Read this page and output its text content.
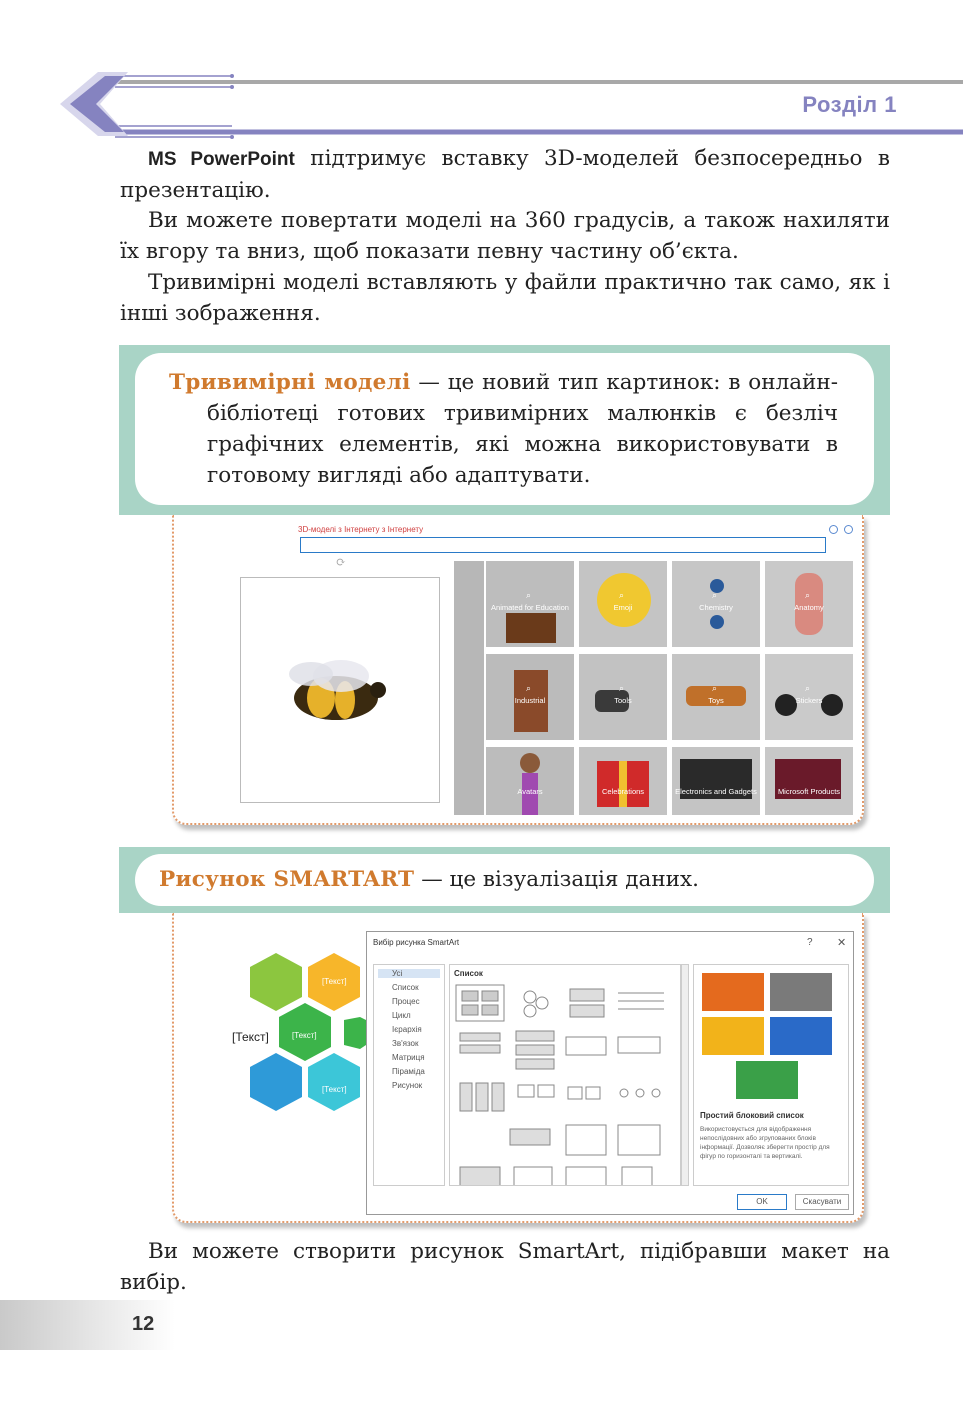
Розділ 1
MS PowerPoint підтримує вставку 3D-моделей безпосередньо в презентацію.
Ви можете повертати моделі на 360 градусів, а також нахиляти їх вгору та вниз, щоб показати певну частину об’єкта.
Тривимірні моделі вставляють у файли практично так само, як і інші зображення.
Тривимірні моделі — це новий тип картинок: в онлайн-бібліотеці готових тривимірних малюнків є безліч графічних елементів, які можна використовувати в готовому вигляді або адаптувати.
3D-моделі з Інтернету з Інтернету
⟳
⌕
Animated for Education
⌕
Emoji
⌕
Chemistry
⌕
Anatomy
⌕
Industrial
⌕
Tools
⌕
Toys
⌕
Stickers
Avatars	Celebrations	Electronics and Gadgets	Microsoft Products
Рисунок SMARTART — це візуалізація даних.
[Текст]
[Текст]
[Текст]
[Текст]
Вибір рисунка SmartArt	? ✕
Усі
Список
Процес
Цикл
Ієрархія
Зв'язок
Матриця
Піраміда
Рисунок
Список
Простий блоковий список
Використовується для відображення непослідовних або згрупованих блоків інформації. Дозволяє зберегти простір для фігур по горизонталі та вертикалі.
OK	Скасувати
Ви можете створити рисунок SmartArt, підібравши макет на вибір.
12
